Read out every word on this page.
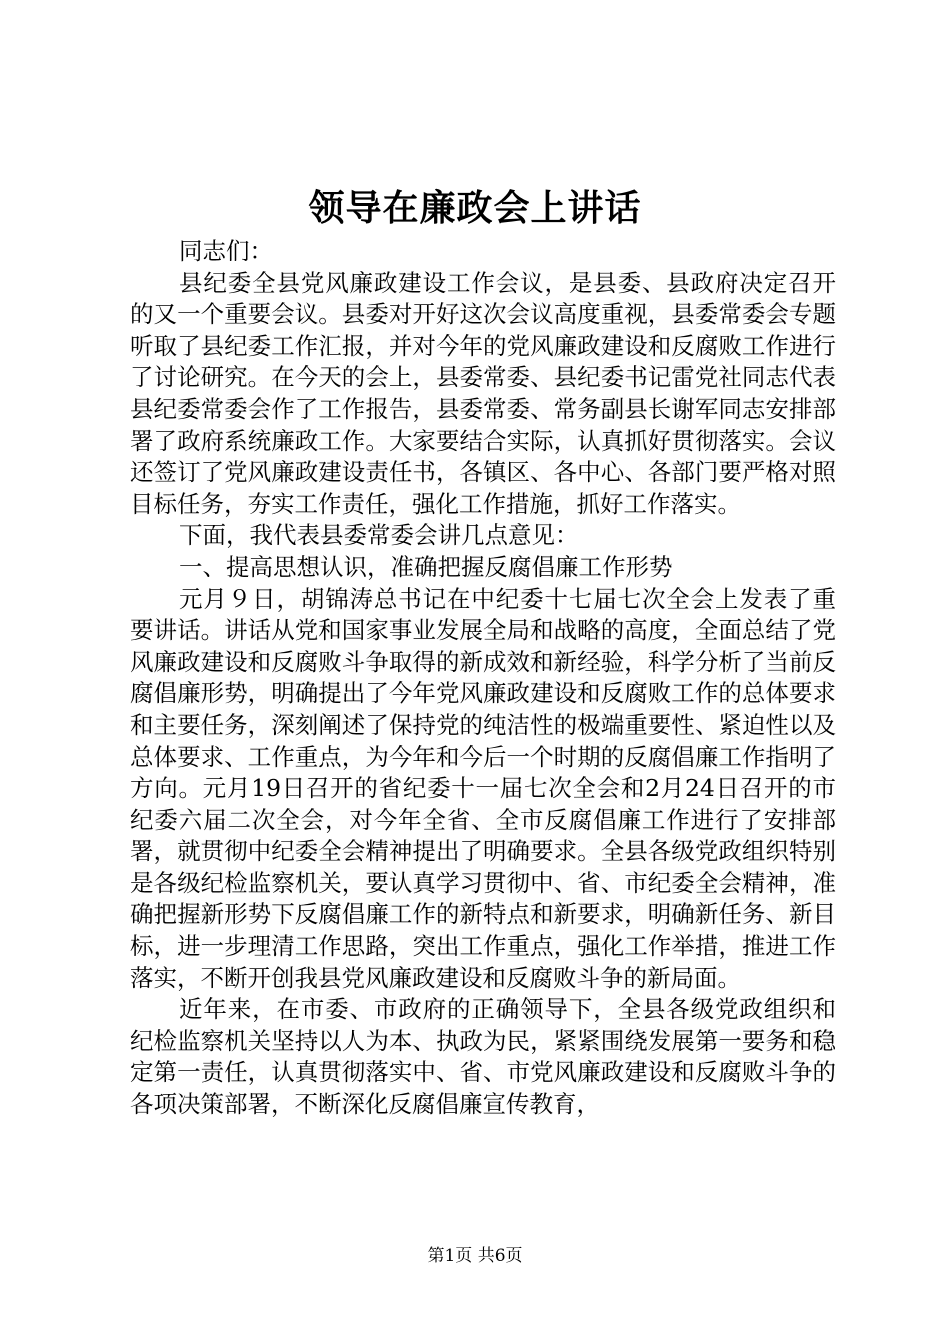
领导在廉政会上讲话

同志们：

县纪委全县党风廉政建设工作会议，是县委、县政府决定召开的又一个重要会议。县委对开好这次会议高度重视，县委常委会专题听取了县纪委工作汇报，并对今年的党风廉政建设和反腐败工作进行了讨论研究。在今天的会上，县委常委、县纪委书记雷党社同志代表县纪委常委会作了工作报告，县委常委、常务副县长谢军同志安排部署了政府系统廉政工作。大家要结合实际，认真抓好贯彻落实。会议还签订了党风廉政建设责任书，各镇区、各中心、各部门要严格对照目标任务，夯实工作责任，强化工作措施，抓好工作落实。

下面，我代表县委常委会讲几点意见：

一、提高思想认识，准确把握反腐倡廉工作形势

元月９日，胡锦涛总书记在中纪委十七届七次全会上发表了重要讲话。讲话从党和国家事业发展全局和战略的高度，全面总结了党风廉政建设和反腐败斗争取得的新成效和新经验，科学分析了当前反腐倡廉形势，明确提出了今年党风廉政建设和反腐败工作的总体要求和主要任务，深刻阐述了保持党的纯洁性的极端重要性、紧迫性以及总体要求、工作重点，为今年和今后一个时期的反腐倡廉工作指明了方向。元月19日召开的省纪委十一届七次全会和2月24日召开的市纪委六届二次全会，对今年全省、全市反腐倡廉工作进行了安排部署，就贯彻中纪委全会精神提出了明确要求。全县各级党政组织特别是各级纪检监察机关，要认真学习贯彻中、省、市纪委全会精神，准确把握新形势下反腐倡廉工作的新特点和新要求，明确新任务、新目标，进一步理清工作思路，突出工作重点，强化工作举措，推进工作落实，不断开创我县党风廉政建设和反腐败斗争的新局面。

近年来，在市委、市政府的正确领导下，全县各级党政组织和纪检监察机关坚持以人为本、执政为民，紧紧围绕发展第一要务和稳定第一责任，认真贯彻落实中、省、市党风廉政建设和反腐败斗争的各项决策部署，不断深化反腐倡廉宣传教育，

第1页 共6页
